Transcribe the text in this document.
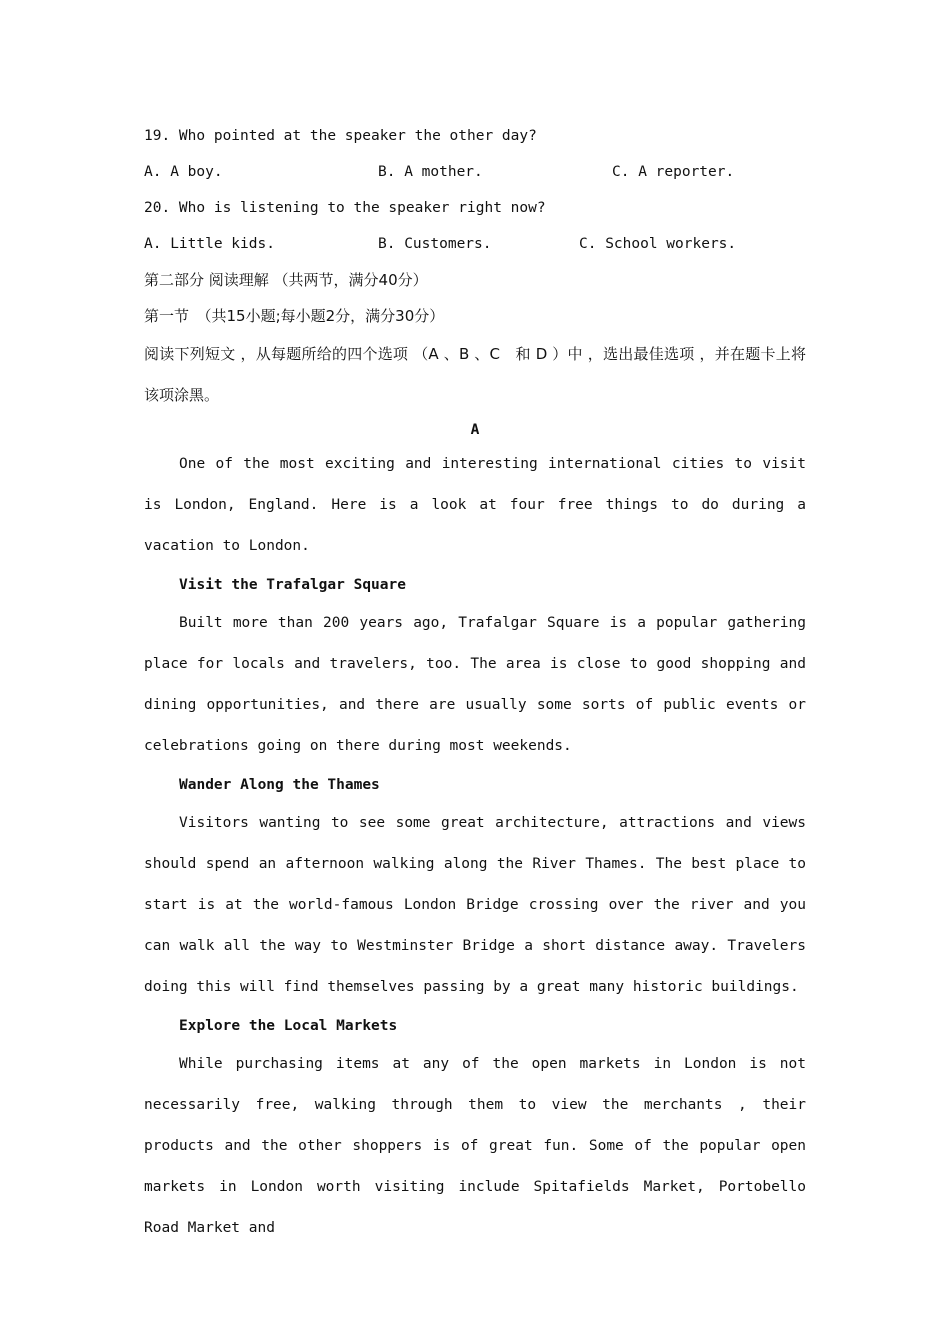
19. Who pointed at the speaker the other day?
A. A boy.	B. A mother.	C. A reporter.
20. Who is listening to the speaker right now?
A. Little kids.	B. Customers.	C. School workers.
第二部分 阅读理解 （共两节，满分40分）
第一节　（共15小题;每小题2分，满分30分）
阅读下列短文 ，从每题所给的四个选项 （A 、B 、C　和 D ）中 ，选出最佳选项 ，并在题卡上将该项涂黑。
A

One of the most exciting and interesting international cities to visit is London, England. Here is a look at four free things to do during a vacation to London.

Visit the Trafalgar Square

Built more than 200 years ago, Trafalgar Square is a popular gathering place for locals and travelers, too. The area is close to good shopping and dining opportunities, and there are usually some sorts of public events or celebrations going on there during most weekends.

Wander Along the Thames

Visitors wanting to see some great architecture, attractions and views should spend an afternoon walking along the River Thames. The best place to start is at the world-famous London Bridge crossing over the river and you can walk all the way to Westminster Bridge a short distance away. Travelers doing this will find themselves passing by a great many historic buildings.

Explore the Local Markets

While purchasing items at any of the open markets in London is not necessarily free, walking through them to view the merchants , their products and the other shoppers is of great fun. Some of the popular open markets in London worth visiting include Spitafields Market, Portobello Road Market and
